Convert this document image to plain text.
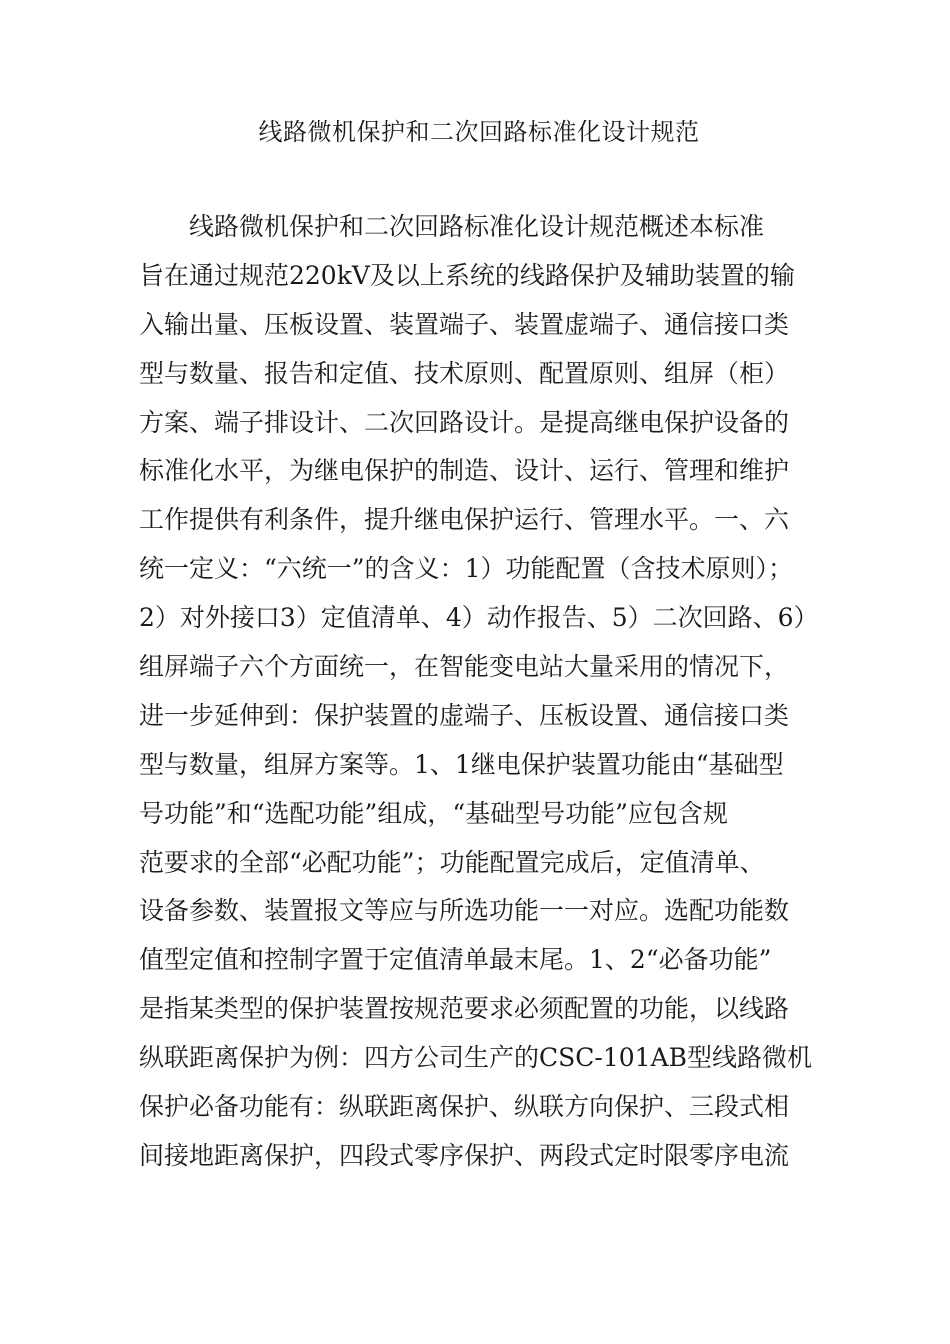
线路微机保护和二次回路标准化设计规范
线路微机保护和二次回路标准化设计规范概述本标准
旨在通过规范220kV及以上系统的线路保护及辅助装置的输
入输出量、压板设置、装置端子、装置虚端子、通信接口类
型与数量、报告和定值、技术原则、配置原则、组屏（柜）
方案、端子排设计、二次回路设计。是提高继电保护设备的
标准化水平，为继电保护的制造、设计、运行、管理和维护
工作提供有利条件，提升继电保护运行、管理水平。一、六
统一定义：“六统一”的含义：1）功能配置（含技术原则）；
2）对外接口3）定值清单、4）动作报告、5）二次回路、6）
组屏端子六个方面统一，在智能变电站大量采用的情况下，
进一步延伸到：保护装置的虚端子、压板设置、通信接口类
型与数量，组屏方案等。1、1继电保护装置功能由“基础型
号功能”和“选配功能”组成，“基础型号功能”应包含规
范要求的全部“必配功能”；功能配置完成后，定值清单、
设备参数、装置报文等应与所选功能一一对应。选配功能数
值型定值和控制字置于定值清单最末尾。1、2“必备功能”
是指某类型的保护装置按规范要求必须配置的功能，以线路
纵联距离保护为例：四方公司生产的CSC-101AB型线路微机
保护必备功能有：纵联距离保护、纵联方向保护、三段式相
间接地距离保护，四段式零序保护、两段式定时限零序电流
